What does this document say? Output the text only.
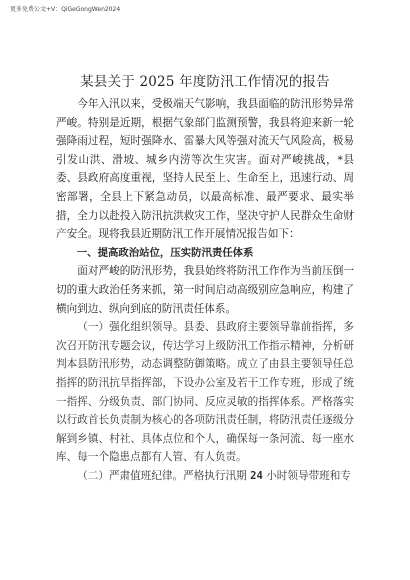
更多免费公文+V：QiGeGongWen2024
某县关于 2025 年度防汛工作情况的报告

今年入汛以来，受极端天气影响，我县面临的防汛形势异常严峻。特别是近期，根据气象部门监测预警，我县将迎来新一轮强降雨过程，短时强降水、雷暴大风等强对流天气风险高，极易引发山洪、滑坡、城乡内涝等次生灾害。面对严峻挑战，*县委、县政府高度重视，坚持人民至上、生命至上，迅速行动、周密部署，全县上下紧急动员，以最高标准、最严要求、最实举措，全力以赴投入防汛抗洪救灾工作，坚决守护人民群众生命财产安全。现将我县近期防汛工作开展情况报告如下：

一、提高政治站位，压实防汛责任体系

面对严峻的防汛形势，我县始终将防汛工作作为当前压倒一切的重大政治任务来抓，第一时间启动高级别应急响应，构建了横向到边、纵向到底的防汛责任体系。

（一）强化组织领导。县委、县政府主要领导靠前指挥，多次召开防汛专题会议，传达学习上级防汛工作指示精神，分析研判本县防汛形势，动态调整防御策略。成立了由县主要领导任总指挥的防汛抗旱指挥部，下设办公室及若干工作专班，形成了统一指挥、分级负责、部门协同、反应灵敏的指挥体系。严格落实以行政首长负责制为核心的各项防汛责任制，将防汛责任逐级分解到乡镇、村社、具体点位和个人，确保每一条河流、每一座水库、每一个隐患点都有人管、有人负责。

（二）严肃值班纪律。严格执行汛期 24 小时领导带班和专
